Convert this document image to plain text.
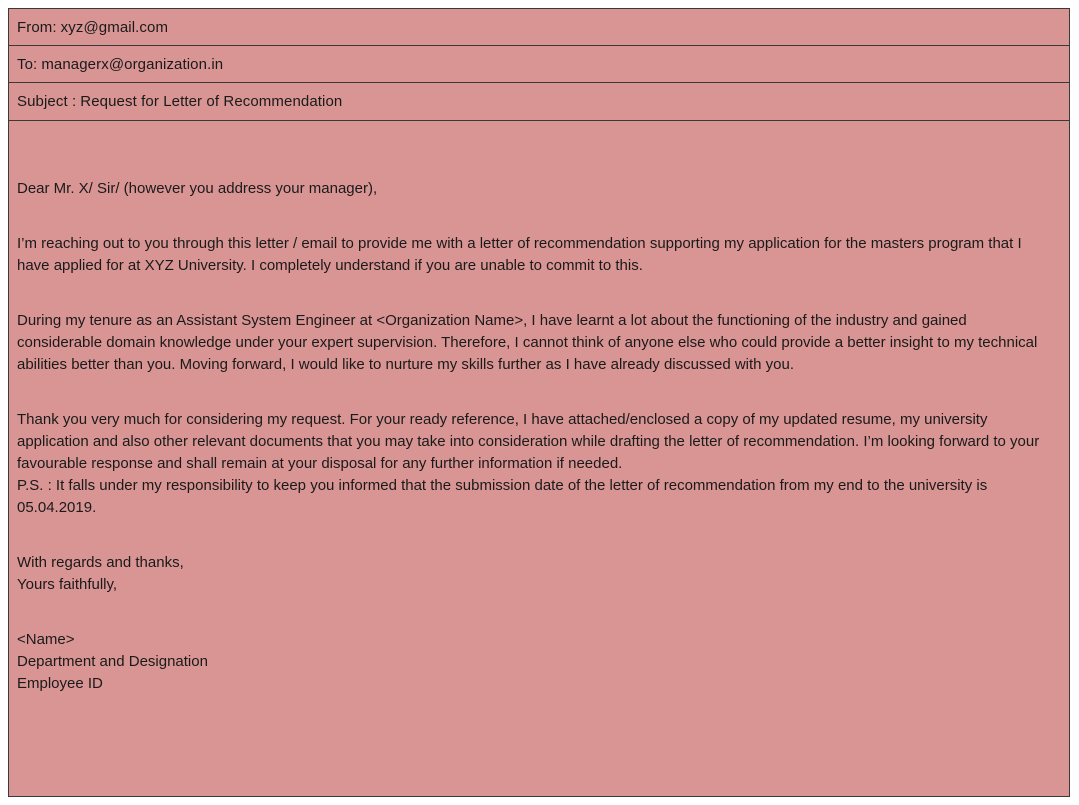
From: xyz@gmail.com
To: managerx@organization.in
Subject : Request for Letter of Recommendation

Dear Mr. X/ Sir/ (however you address your manager),

I’m reaching out to you through this letter / email to provide me with a letter of recommendation supporting my application for the masters program that I have applied for at XYZ University. I completely understand if you are unable to commit to this.

During my tenure as an Assistant System Engineer at <Organization Name>, I have learnt a lot about the functioning of the industry and gained considerable domain knowledge under your expert supervision. Therefore, I cannot think of anyone else who could provide a better insight to my technical abilities better than you. Moving forward, I would like to nurture my skills further as I have already discussed with you.

Thank you very much for considering my request. For your ready reference, I have attached/enclosed a copy of my updated resume, my university application and also other relevant documents that you may take into consideration while drafting the letter of recommendation. I’m looking forward to your favourable response and shall remain at your disposal for any further information if needed.

P.S. : It falls under my responsibility to keep you informed that the submission date of the letter of recommendation from my end to the university is 05.04.2019.

With regards and thanks,
Yours faithfully,

<Name>
Department and Designation
Employee ID
